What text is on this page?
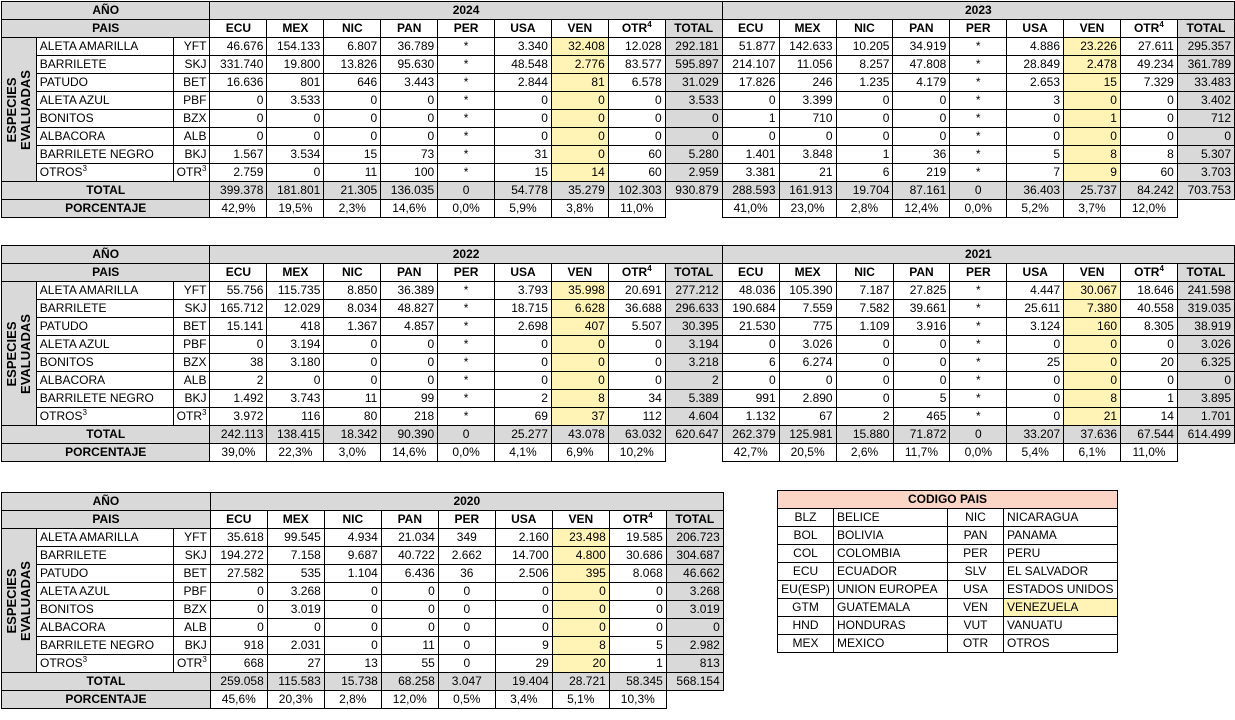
AÑO			2024									2023								
PAIS			ECU	MEX	NIC	PAN	PER	USA	VEN	OTR$^4$	TOTAL	ECU	MEX	NIC	PAN	PER	USA	VEN	OTR$^4$	TOTAL

ESPECIES
EVALUADAS	ALETA AMARILLA	YFT	46.676	154.133	6.807	36.789	*	3.340	32.408	12.028	292.181	51.877	142.633	10.205	34.919	*	4.886	23.226	27.611	295.357
	BARRILETE	SKJ	331.740	19.800	13.826	95.630	*	48.548	2.776	83.577	595.897	214.107	11.056	8.257	47.808	*	28.849	2.478	49.234	361.789
	PATUDO	BET	16.636	801	646	3.443	*	2.844	81	6.578	31.029	17.826	246	1.235	4.179	*	2.653	15	7.329	33.483
	ALETA AZUL	PBF	0	3.533	0	0	*	0	0	0	3.533	0	3.399	0	0	*	3	0	0	3.402
	BONITOS	BZX	0	0	0	0	*	0	0	0	0	1	710	0	0	*	0	1	0	712
	ALBACORA	ALB	0	0	0	0	*	0	0	0	0	0	0	0	0	*	0	0	0	0
	BARRILETE NEGRO	BKJ	1.567	3.534	15	73	*	31	0	60	5.280	1.401	3.848	1	36	*	5	8	8	5.307
	OTROS$^3$	OTR$^3$	2.759	0	11	100	*	15	14	60	2.959	3.381	21	6	219	*	7	9	60	3.703
TOTAL			399.378	181.801	21.305	136.035	0	54.778	35.279	102.303	930.879	288.593	161.913	19.704	87.161	0	36.403	25.737	84.242	703.753
PORCENTAJE			42,9%	19,5%	2,3%	14,6%	0,0%	5,9%	3,8%	11,0%		41,0%	23,0%	2,8%	12,4%	0,0%	5,2%	3,7%	12,0%	
AÑO			2022									2021								
PAIS			ECU	MEX	NIC	PAN	PER	USA	VEN	OTR$^4$	TOTAL	ECU	MEX	NIC	PAN	PER	USA	VEN	OTR$^4$	TOTAL

ESPECIES
EVALUADAS	ALETA AMARILLA	YFT	55.756	115.735	8.850	36.389	*	3.793	35.998	20.691	277.212	48.036	105.390	7.187	27.825	*	4.447	30.067	18.646	241.598
	BARRILETE	SKJ	165.712	12.029	8.034	48.827	*	18.715	6.628	36.688	296.633	190.684	7.559	7.582	39.661	*	25.611	7.380	40.558	319.035
	PATUDO	BET	15.141	418	1.367	4.857	*	2.698	407	5.507	30.395	21.530	775	1.109	3.916	*	3.124	160	8.305	38.919
	ALETA AZUL	PBF	0	3.194	0	0	*	0	0	0	3.194	0	3.026	0	0	*	0	0	0	3.026
	BONITOS	BZX	38	3.180	0	0	*	0	0	0	3.218	6	6.274	0	0	*	25	0	20	6.325
	ALBACORA	ALB	2	0	0	0	*	0	0	0	2	0	0	0	0	*	0	0	0	0
	BARRILETE NEGRO	BKJ	1.492	3.743	11	99	*	2	8	34	5.389	991	2.890	0	5	*	0	8	1	3.895
	OTROS$^3$	OTR$^3$	3.972	116	80	218	*	69	37	112	4.604	1.132	67	2	465	*	0	21	14	1.701
TOTAL			242.113	138.415	18.342	90.390	0	25.277	43.078	63.032	620.647	262.379	125.981	15.880	71.872	0	33.207	37.636	67.544	614.499
PORCENTAJE			39,0%	22,3%	3,0%	14,6%	0,0%	4,1%	6,9%	10,2%		42,7%	20,5%	2,6%	11,7%	0,0%	5,4%	6,1%	11,0%	
AÑO			2020								
PAIS			ECU	MEX	NIC	PAN	PER	USA	VEN	OTR$^4$	TOTAL

ESPECIES
EVALUADAS	ALETA AMARILLA	YFT	35.618	99.545	4.934	21.034	349	2.160	23.498	19.585	206.723
	BARRILETE	SKJ	194.272	7.158	9.687	40.722	2.662	14.700	4.800	30.686	304.687
	PATUDO	BET	27.582	535	1.104	6.436	36	2.506	395	8.068	46.662
	ALETA AZUL	PBF	0	3.268	0	0	0	0	0	0	3.268
	BONITOS	BZX	0	3.019	0	0	0	0	0	0	3.019
	ALBACORA	ALB	0	0	0	0	0	0	0	0	0
	BARRILETE NEGRO	BKJ	918	2.031	0	11	0	9	8	5	2.982
	OTROS$^3$	OTR$^3$	668	27	13	55	0	29	20	1	813
TOTAL			259.058	115.583	15.738	68.258	3.047	19.404	28.721	58.345	568.154
PORCENTAJE			45,6%	20,3%	2,8%	12,0%	0,5%	3,4%	5,1%	10,3%	
CODIGO PAIS			
BLZ	BELICE	NIC	NICARAGUA
BOL	BOLIVIA	PAN	PANAMA
COL	COLOMBIA	PER	PERU
ECU	ECUADOR	SLV	EL SALVADOR
EU(ESP)	UNION EUROPEA	USA	ESTADOS UNIDOS
GTM	GUATEMALA	VEN	VENEZUELA
HND	HONDURAS	VUT	VANUATU
MEX	MEXICO	OTR	OTROS
